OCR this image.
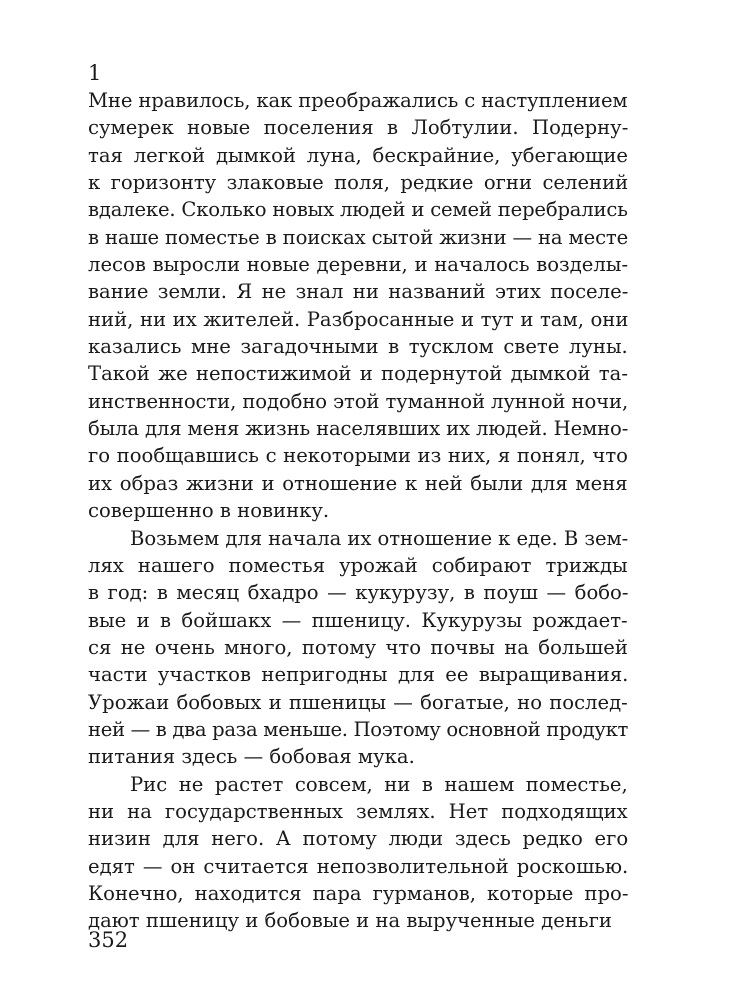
1

Мне нравилось, как преображались с наступлением
сумерек новые поселения в Лобтулии. Подерну-
тая легкой дымкой луна, бескрайние, убегающие
к горизонту злаковые поля, редкие огни селений
вдалеке. Сколько новых людей и семей перебрались
в наше поместье в поисках сытой жизни — на месте
лесов выросли новые деревни, и началось возделы-
вание земли. Я не знал ни названий этих поселе-
ний, ни их жителей. Разбросанные и тут и там, они
казались мне загадочными в тусклом свете луны.
Такой же непостижимой и подернутой дымкой та-
инственности, подобно этой туманной лунной ночи,
была для меня жизнь населявших их людей. Немно-
го пообщавшись с некоторыми из них, я понял, что
их образ жизни и отношение к ней были для меня
совершенно в новинку.
Возьмем для начала их отношение к еде. В зем-
лях нашего поместья урожай собирают трижды
в год: в месяц бхадро — кукурузу, в поуш — бобо-
вые и в бойшакх — пшеницу. Кукурузы рождает-
ся не очень много, потому что почвы на большей
части участков непригодны для ее выращивания.
Урожаи бобовых и пшеницы — богатые, но послед-
ней — в два раза меньше. Поэтому основной продукт
питания здесь — бобовая мука.
Рис не растет совсем, ни в нашем поместье,
ни на государственных землях. Нет подходящих
низин для него. А потому люди здесь редко его
едят — он считается непозволительной роскошью.
Конечно, находится пара гурманов, которые про-
дают пшеницу и бобовые и на вырученные деньги

352
